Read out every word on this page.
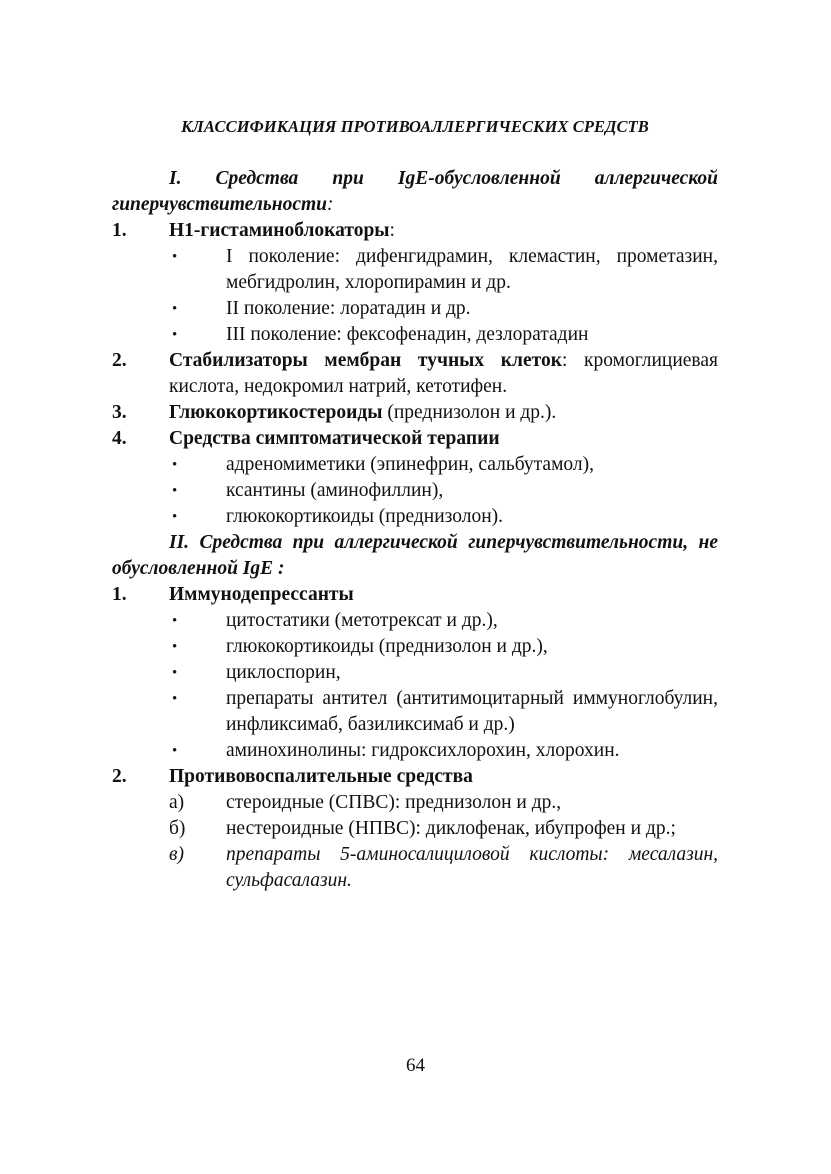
КЛАССИФИКАЦИЯ ПРОТИВОАЛЛЕРГИЧЕСКИХ СРЕДСТВ

I. Средства при IgE-обусловленной аллергической гиперчувствительности:

1. Н1-гистаминоблокаторы:

• I поколение: дифенгидрамин, клемастин, прометазин, мебгидролин, хлоропирамин и др.

• II поколение: лоратадин и др.

• III поколение: фексофенадин, дезлоратадин

2. Стабилизаторы мембран тучных клеток: кромоглициевая кислота, недокромил натрий, кетотифен.

3. Глюкокортикостероиды (преднизолон и др.).

4. Средства симптоматической терапии

• адреномиметики (эпинефрин, сальбутамол),

• ксантины (аминофиллин),

• глюкокортикоиды (преднизолон).

II. Средства при аллергической гиперчувствительности, не обусловленной IgE :

1. Иммунодепрессанты

• цитостатики (метотрексат и др.),

• глюкокортикоиды (преднизолон и др.),

• циклоспорин,

• препараты антител (антитимоцитарный иммуноглобулин, инфликсимаб, базиликсимаб и др.)

• аминохинолины: гидроксихлорохин, хлорохин.

2. Противовоспалительные средства

а) стероидные (СПВС): преднизолон и др.,

б) нестероидные (НПВС): диклофенак, ибупрофен и др.;

в) препараты 5-аминосалициловой кислоты: месалазин, сульфасалазин.

64
